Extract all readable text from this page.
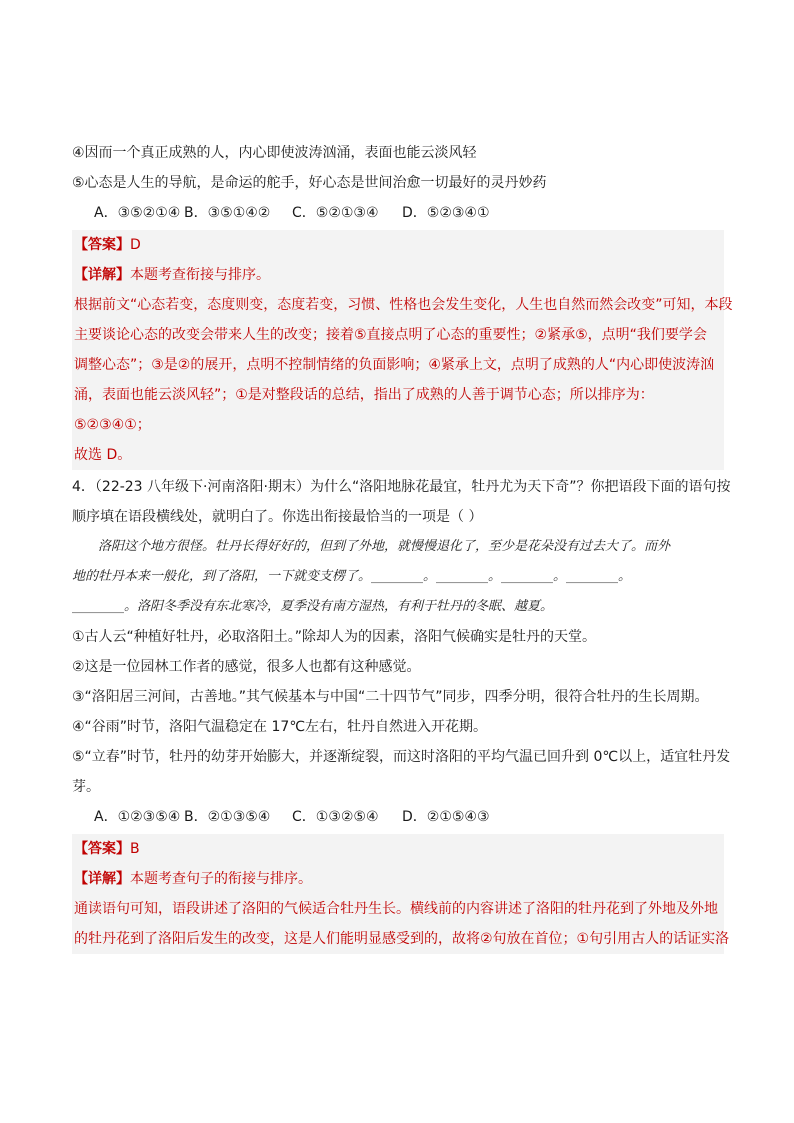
④因而一个真正成熟的人，内心即使波涛汹涌，表面也能云淡风轻
⑤心态是人生的导航，是命运的舵手，好心态是世间治愈一切最好的灵丹妙药
A．③⑤②①④ B．③⑤①④② C．⑤②①③④ D．⑤②③④①
【答案】D
【详解】本题考查衔接与排序。
根据前文“心态若变，态度则变，态度若变，习惯、性格也会发生变化，人生也自然而然会改变”可知，本段
主要谈论心态的改变会带来人生的改变；接着⑤直接点明了心态的重要性；②紧承⑤，点明“我们要学会
调整心态”；③是②的展开，点明不控制情绪的负面影响；④紧承上文，点明了成熟的人“内心即使波涛汹
涌，表面也能云淡风轻”；①是对整段话的总结，指出了成熟的人善于调节心态；所以排序为：
⑤②③④①；
故选 D。
4．（22-23 八年级下·河南洛阳·期末）为什么“洛阳地脉花最宜，牡丹尤为天下奇”？你把语段下面的语句按
顺序填在语段横线处，就明白了。你选出衔接最恰当的一项是（ ）
洛阳这个地方很怪。牡丹长得好好的，但到了外地，就慢慢退化了，至少是花朵没有过去大了。而外
地的牡丹本来一般化，到了洛阳，一下就变支楞了。________。________。________。________。
________。洛阳冬季没有东北寒冷，夏季没有南方湿热，有利于牡丹的冬眠、越夏。
①古人云“种植好牡丹，必取洛阳土。”除却人为的因素，洛阳气候确实是牡丹的天堂。
②这是一位园林工作者的感觉，很多人也都有这种感觉。
③“洛阳居三河间，古善地。”其气候基本与中国“二十四节气”同步，四季分明，很符合牡丹的生长周期。
④“谷雨”时节，洛阳气温稳定在 17℃左右，牡丹自然进入开花期。
⑤“立春”时节，牡丹的幼芽开始膨大，并逐渐绽裂，而这时洛阳的平均气温已回升到 0℃以上，适宜牡丹发
芽。
A．①②③⑤④ B．②①③⑤④ C．①③②⑤④ D．②①⑤④③
【答案】B
【详解】本题考查句子的衔接与排序。
通读语句可知，语段讲述了洛阳的气候适合牡丹生长。横线前的内容讲述了洛阳的牡丹花到了外地及外地
的牡丹花到了洛阳后发生的改变，这是人们能明显感受到的，故将②句放在首位；①句引用古人的话证实洛
